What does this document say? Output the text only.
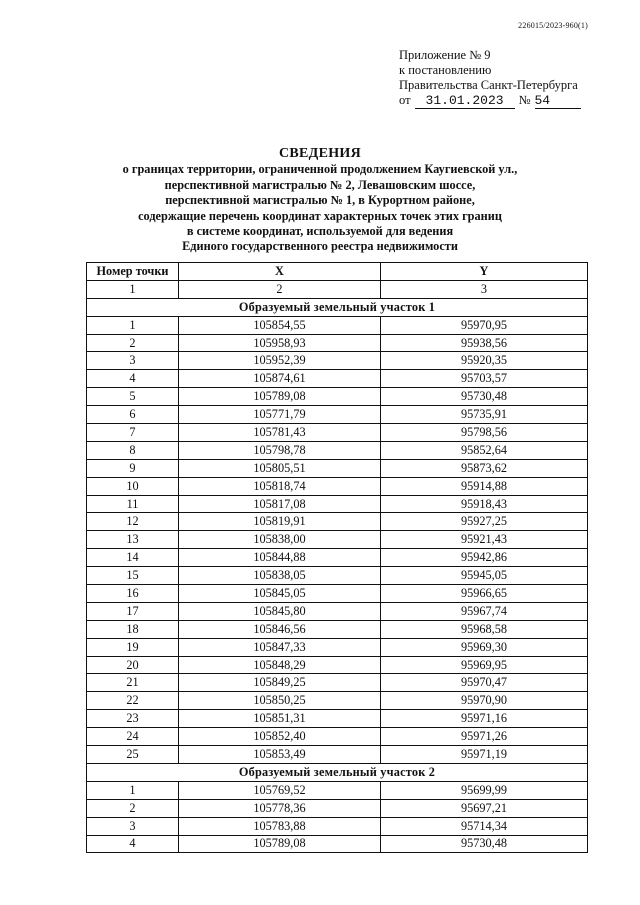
226015/2023-960(1)
Приложение № 9
к постановлению
Правительства Санкт-Петербурга
от 31.01.2023 № 54
СВЕДЕНИЯ
о границах территории, ограниченной продолжением Каугиевской ул.,
перспективной магистралью № 2, Левашовским шоссе,
перспективной магистралью № 1, в Курортном районе,
содержащие перечень координат характерных точек этих границ
в системе координат, используемой для ведения
Единого государственного реестра недвижимости
Номер точки	X	Y
1	2	3
Образуемый земельный участок 1		
1	105854,55	95970,95
2	105958,93	95938,56
3	105952,39	95920,35
4	105874,61	95703,57
5	105789,08	95730,48
6	105771,79	95735,91
7	105781,43	95798,56
8	105798,78	95852,64
9	105805,51	95873,62
10	105818,74	95914,88
11	105817,08	95918,43
12	105819,91	95927,25
13	105838,00	95921,43
14	105844,88	95942,86
15	105838,05	95945,05
16	105845,05	95966,65
17	105845,80	95967,74
18	105846,56	95968,58
19	105847,33	95969,30
20	105848,29	95969,95
21	105849,25	95970,47
22	105850,25	95970,90
23	105851,31	95971,16
24	105852,40	95971,26
25	105853,49	95971,19
Образуемый земельный участок 2		
1	105769,52	95699,99
2	105778,36	95697,21
3	105783,88	95714,34
4	105789,08	95730,48
